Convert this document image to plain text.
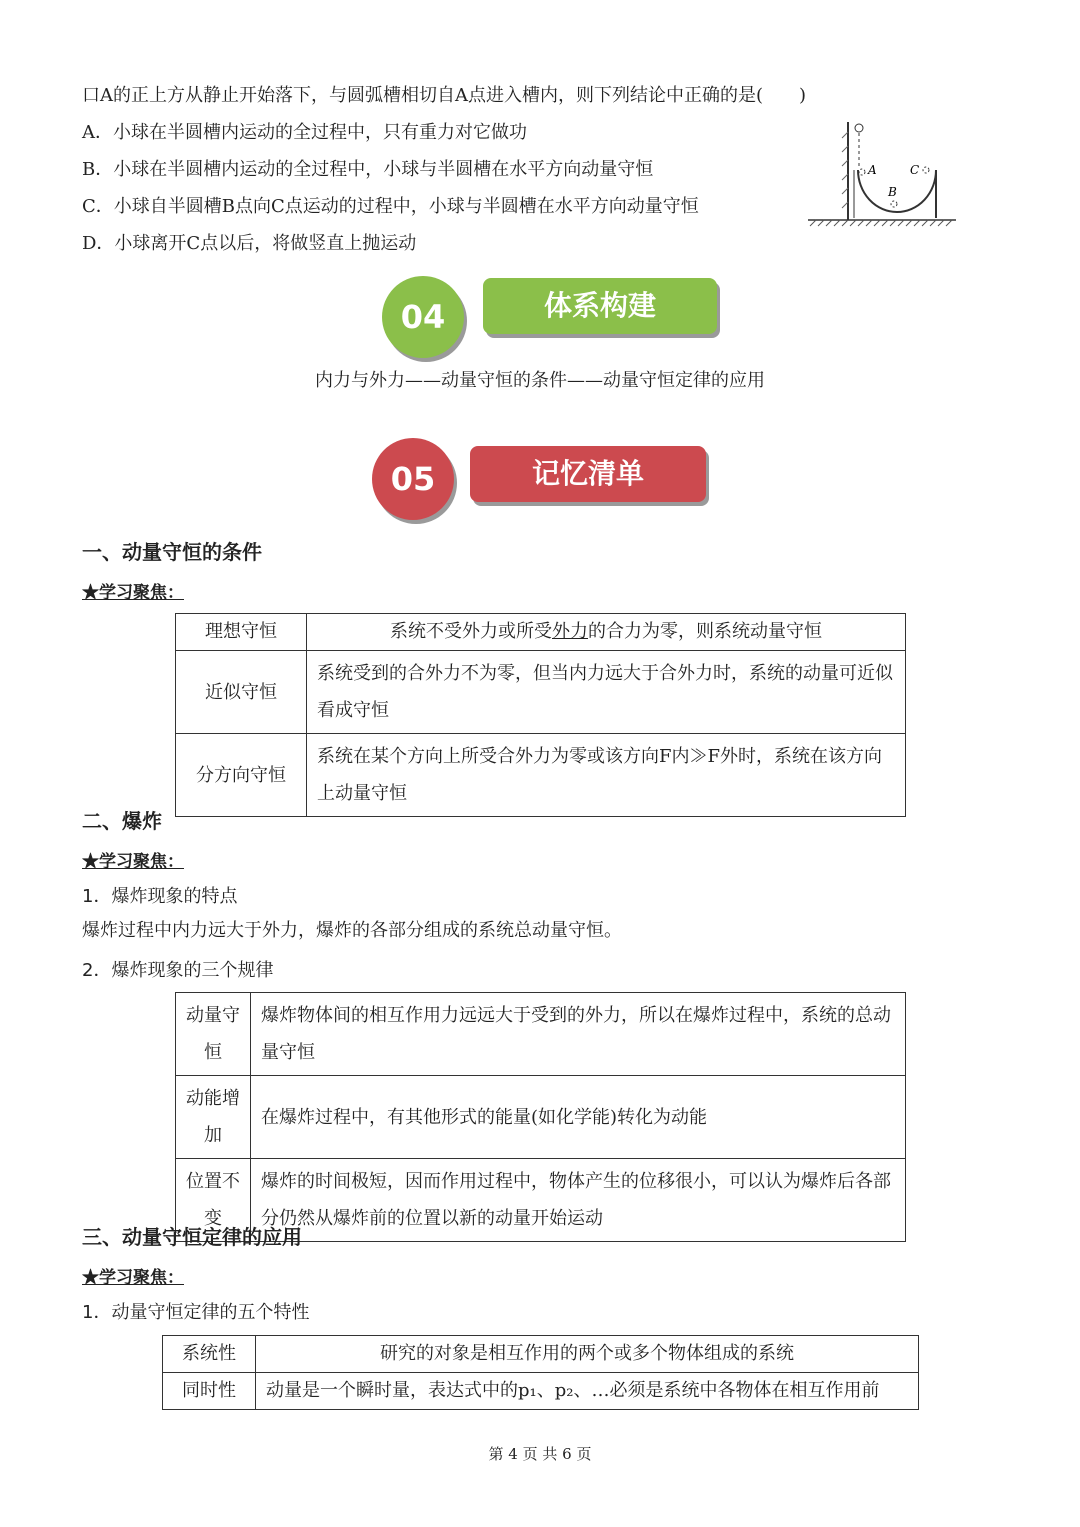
口A的正上方从静止开始落下，与圆弧槽相切自A点进入槽内，则下列结论中正确的是(　　)
A．小球在半圆槽内运动的全过程中，只有重力对它做功
B．小球在半圆槽内运动的全过程中，小球与半圆槽在水平方向动量守恒
C．小球自半圆槽B点向C点运动的过程中，小球与半圆槽在水平方向动量守恒
D．小球离开C点以后，将做竖直上抛运动
A	C
B
04	体系构建
内力与外力——动量守恒的条件——动量守恒定律的应用
05	记忆清单
一、动量守恒的条件
★学习聚焦：
理想守恒	系统不受外力或所受外力的合力为零，则系统动量守恒
近似守恒	系统受到的合外力不为零，但当内力远大于合外力时，系统的动量可近似看成守恒
分方向守恒	系统在某个方向上所受合外力为零或该方向F内≫F外时，系统在该方向上动量守恒
二、爆炸
★学习聚焦：
1．爆炸现象的特点
爆炸过程中内力远大于外力，爆炸的各部分组成的系统总动量守恒。
2．爆炸现象的三个规律
动量守恒	爆炸物体间的相互作用力远远大于受到的外力，所以在爆炸过程中，系统的总动量守恒
动能增加	在爆炸过程中，有其他形式的能量(如化学能)转化为动能
位置不变	爆炸的时间极短，因而作用过程中，物体产生的位移很小，可以认为爆炸后各部分仍然从爆炸前的位置以新的动量开始运动
三、动量守恒定律的应用
★学习聚焦：
1．动量守恒定律的五个特性
系统性	研究的对象是相互作用的两个或多个物体组成的系统
同时性	动量是一个瞬时量，表达式中的p₁、p₂、…必须是系统中各物体在相互作用前
第 4 页 共 6 页
